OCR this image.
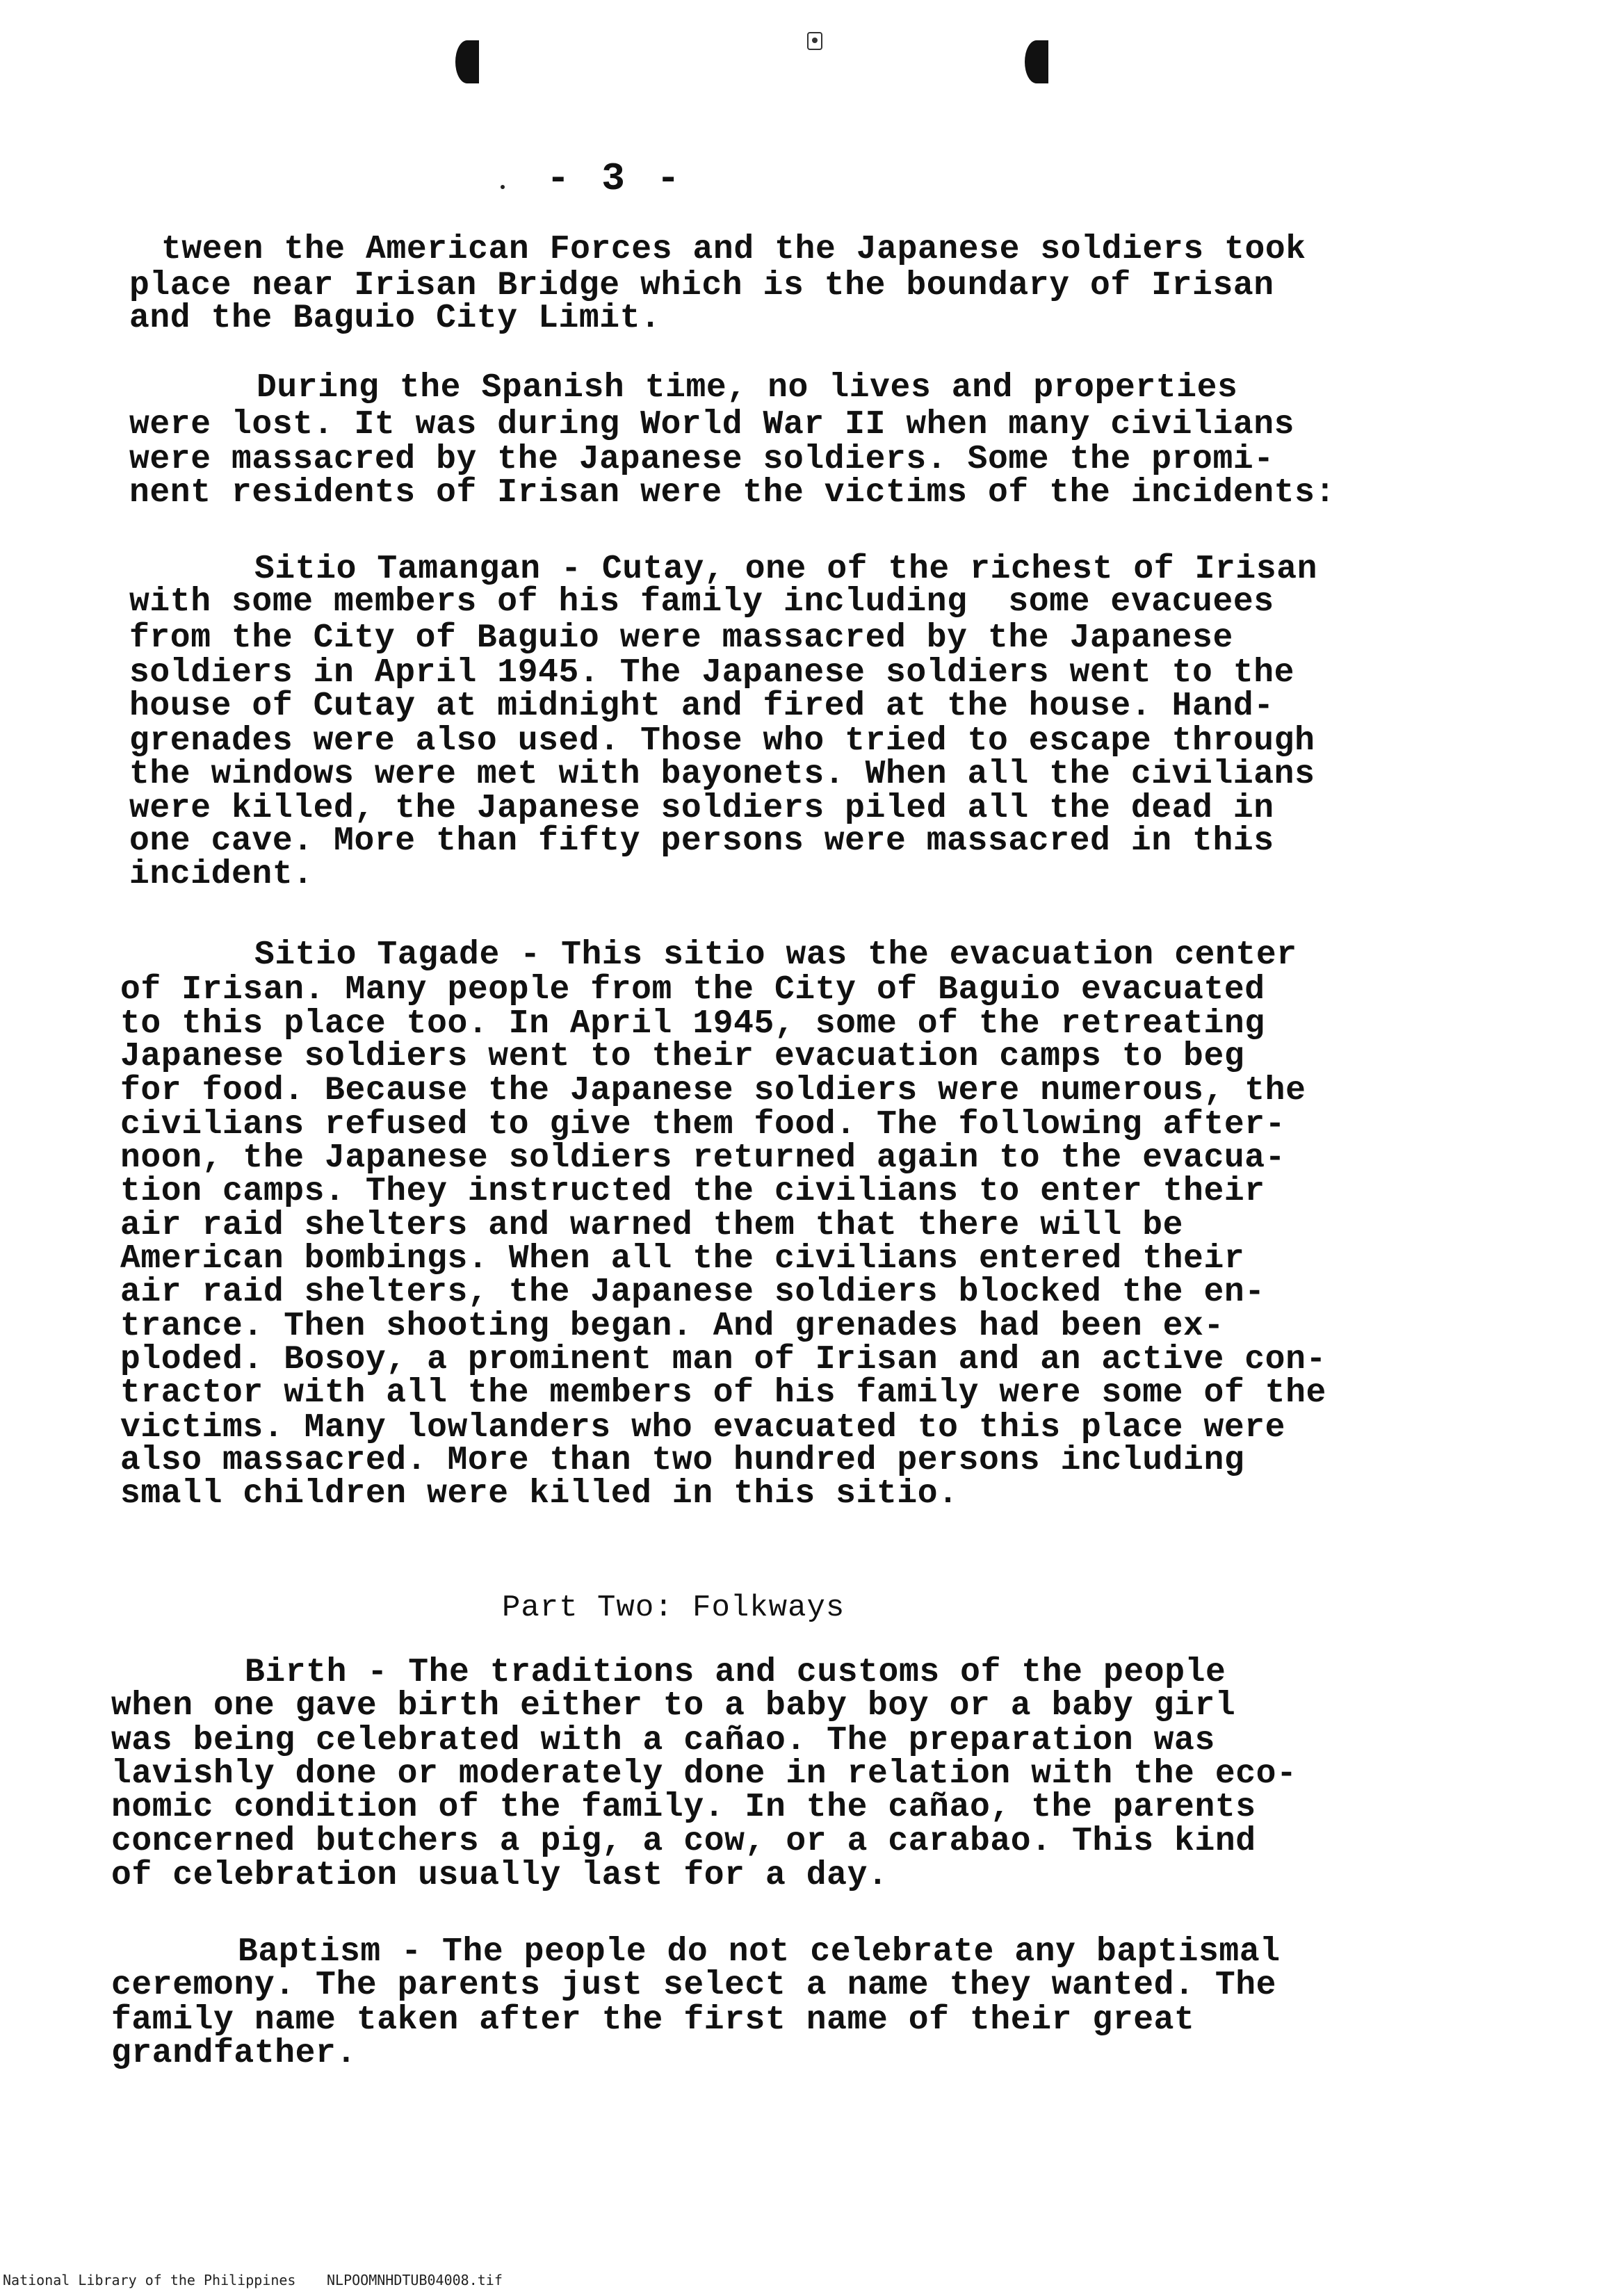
- 3 -
tween the American Forces and the Japanese soldiers took
place near Irisan Bridge which is the boundary of Irisan
and the Baguio City Limit.
During the Spanish time, no lives and properties
were lost. It was during World War II when many civilians
were massacred by the Japanese soldiers. Some the promi-
nent residents of Irisan were the victims of the incidents:
Sitio Tamangan - Cutay, one of the richest of Irisan
with some members of his family including  some evacuees
from the City of Baguio were massacred by the Japanese
soldiers in April 1945. The Japanese soldiers went to the
house of Cutay at midnight and fired at the house. Hand-
grenades were also used. Those who tried to escape through
the windows were met with bayonets. When all the civilians
were killed, the Japanese soldiers piled all the dead in
one cave. More than fifty persons were massacred in this
incident.
Sitio Tagade - This sitio was the evacuation center
of Irisan. Many people from the City of Baguio evacuated
to this place too. In April 1945, some of the retreating
Japanese soldiers went to their evacuation camps to beg
for food. Because the Japanese soldiers were numerous, the
civilians refused to give them food. The following after-
noon, the Japanese soldiers returned again to the evacua-
tion camps. They instructed the civilians to enter their
air raid shelters and warned them that there will be
American bombings. When all the civilians entered their
air raid shelters, the Japanese soldiers blocked the en-
trance. Then shooting began. And grenades had been ex-
ploded. Bosoy, a prominent man of Irisan and an active con-
tractor with all the members of his family were some of the
victims. Many lowlanders who evacuated to this place were
also massacred. More than two hundred persons including
small children were killed in this sitio.
Part Two: Folkways
Birth - The traditions and customs of the people
when one gave birth either to a baby boy or a baby girl
was being celebrated with a cañao. The preparation was
lavishly done or moderately done in relation with the eco-
nomic condition of the family. In the cañao, the parents
concerned butchers a pig, a cow, or a carabao. This kind
of celebration usually last for a day.
Baptism - The people do not celebrate any baptismal
ceremony. The parents just select a name they wanted. The
family name taken after the first name of their great
grandfather.
National Library of the Philippines NLPOOMNHDTUB04008.tif
